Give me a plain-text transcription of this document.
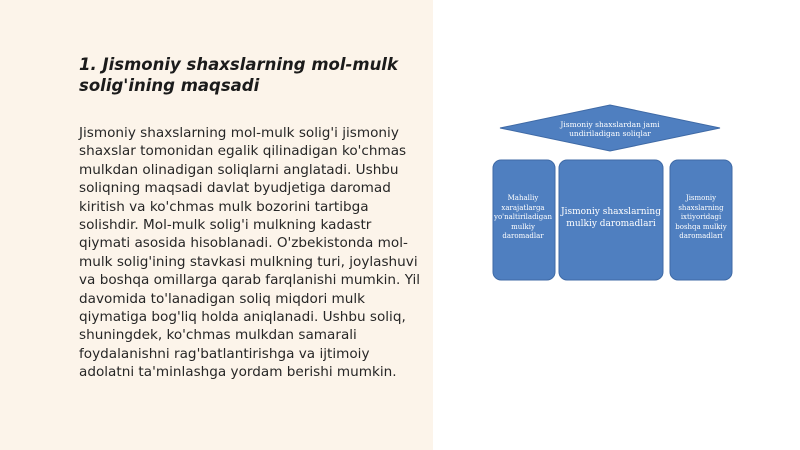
1. Jismoniy shaxslarning mol-mulk solig'ining maqsadi

Jismoniy shaxslarning mol-mulk solig'i jismoniy shaxslar tomonidan egalik qilinadigan ko'chmas mulkdan olinadigan soliqlarni anglatadi. Ushbu soliqning maqsadi davlat byudjetiga daromad kiritish va ko'chmas mulk bozorini tartibga solishdir. Mol-mulk solig'i mulkning kadastr qiymati asosida hisoblanadi. O'zbekistonda mol-mulk solig'ining stavkasi mulkning turi, joylashuvi va boshqa omillarga qarab farqlanishi mumkin. Yil davomida to'lanadigan soliq miqdori mulk qiymatiga bog'liq holda aniqlanadi. Ushbu soliq, shuningdek, ko'chmas mulkdan samarali foydalanishni rag'batlantirishga va ijtimoiy adolatni ta'minlashga yordam berishi mumkin.

Jismoniy shaxslardan jami undiriladigan soliqlar
Mahalliy xarajatlarga yo'naltiriladigan mulkiy daromadlar
Jismoniy shaxslarning mulkiy daromadlari
Jismoniy shaxslarning ixtiyoridagi boshqa mulkiy daromadlari
